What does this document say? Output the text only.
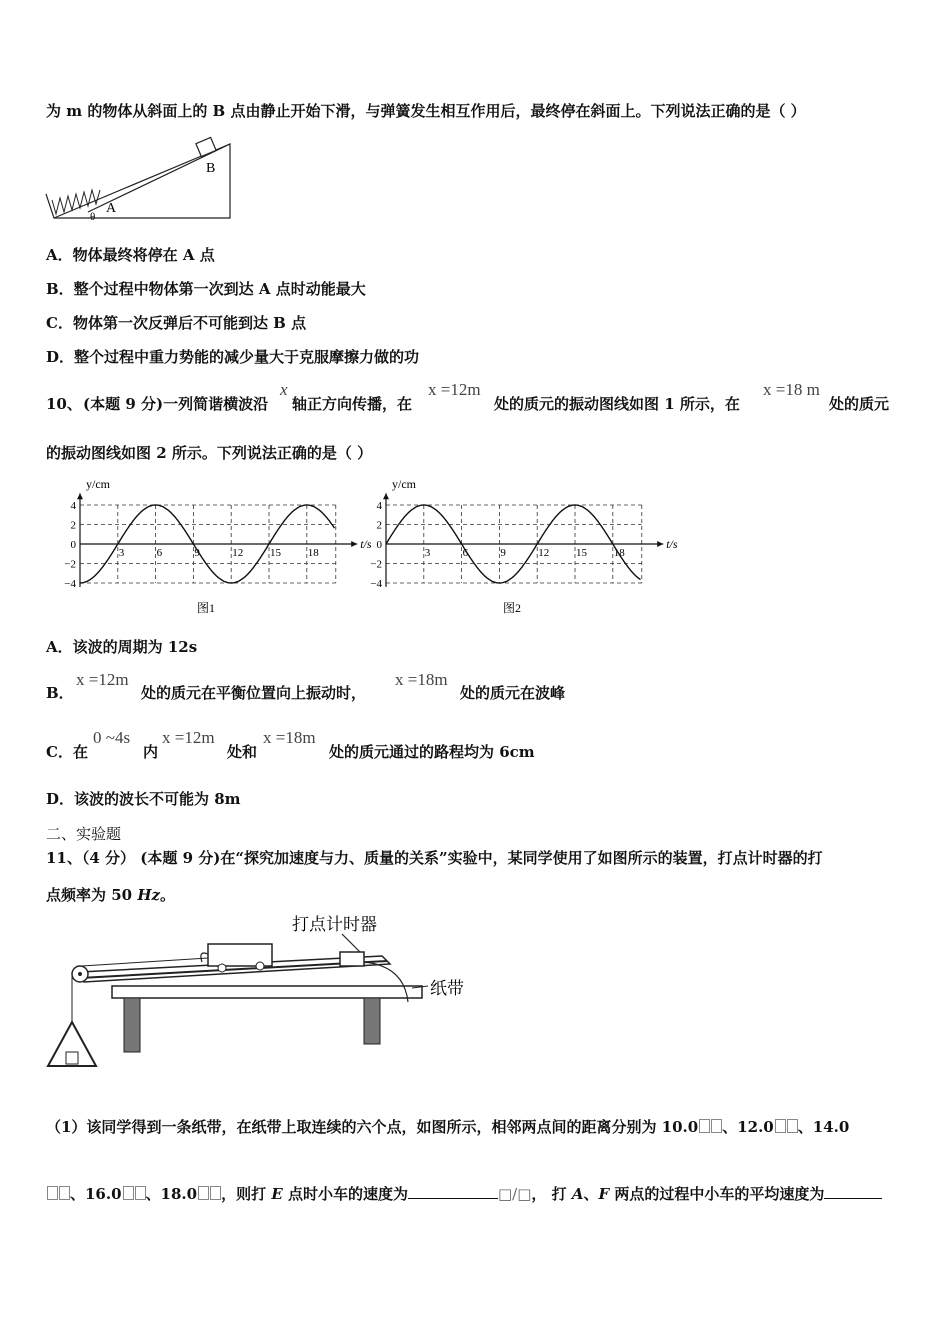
为 m 的物体从斜面上的 B 点由静止开始下滑，与弹簧发生相互作用后，最终停在斜面上。下列说法正确的是（ ）
B
A
θ
A．物体最终将停在 A 点
B．整个过程中物体第一次到达 A 点时动能最大
C．物体第一次反弹后不可能到达 B 点
D．整个过程中重力势能的减少量大于克服摩擦力做的功
10、 (本题 9 分)一列简谐横波沿
x
轴正方向传播，在
x =12m
处的质元的振动图线如图 1 所示，在
x =18 m
处的质元
的振动图线如图 2 所示。下列说法正确的是（ ）
y/cm
t/s
4
2
0
−2
−4
3	6	9	12 15 18
图1
y/cm
t/s
4
2
0
−2
−4
3	6	9	12 15 18
图2
A．该波的周期为 12s
B．
x =12m
处的质元在平衡位置向上振动时，
x =18m
处的质元在波峰
C．在
0 ~4s
内
x =12m
处和
x =18m
处的质元通过的路程均为 6cm
D．该波的波长不可能为 8m
二、实验题
11、（4 分） (本题 9 分)在“探究加速度与力、质量的关系”实验中，某同学使用了如图所示的装置，打点计时器的打
点频率为 50 Hz。
打点计时器
纸带
（1）该同学得到一条纸带，在纸带上取连续的六个点，如图所示，相邻两点间的距离分别为 10.0 、12.0 、14.0
、16.0 、18.0 ，则打 E 点时小车的速度为	□/□， 打 A、F 两点的过程中小车的平均速度为
